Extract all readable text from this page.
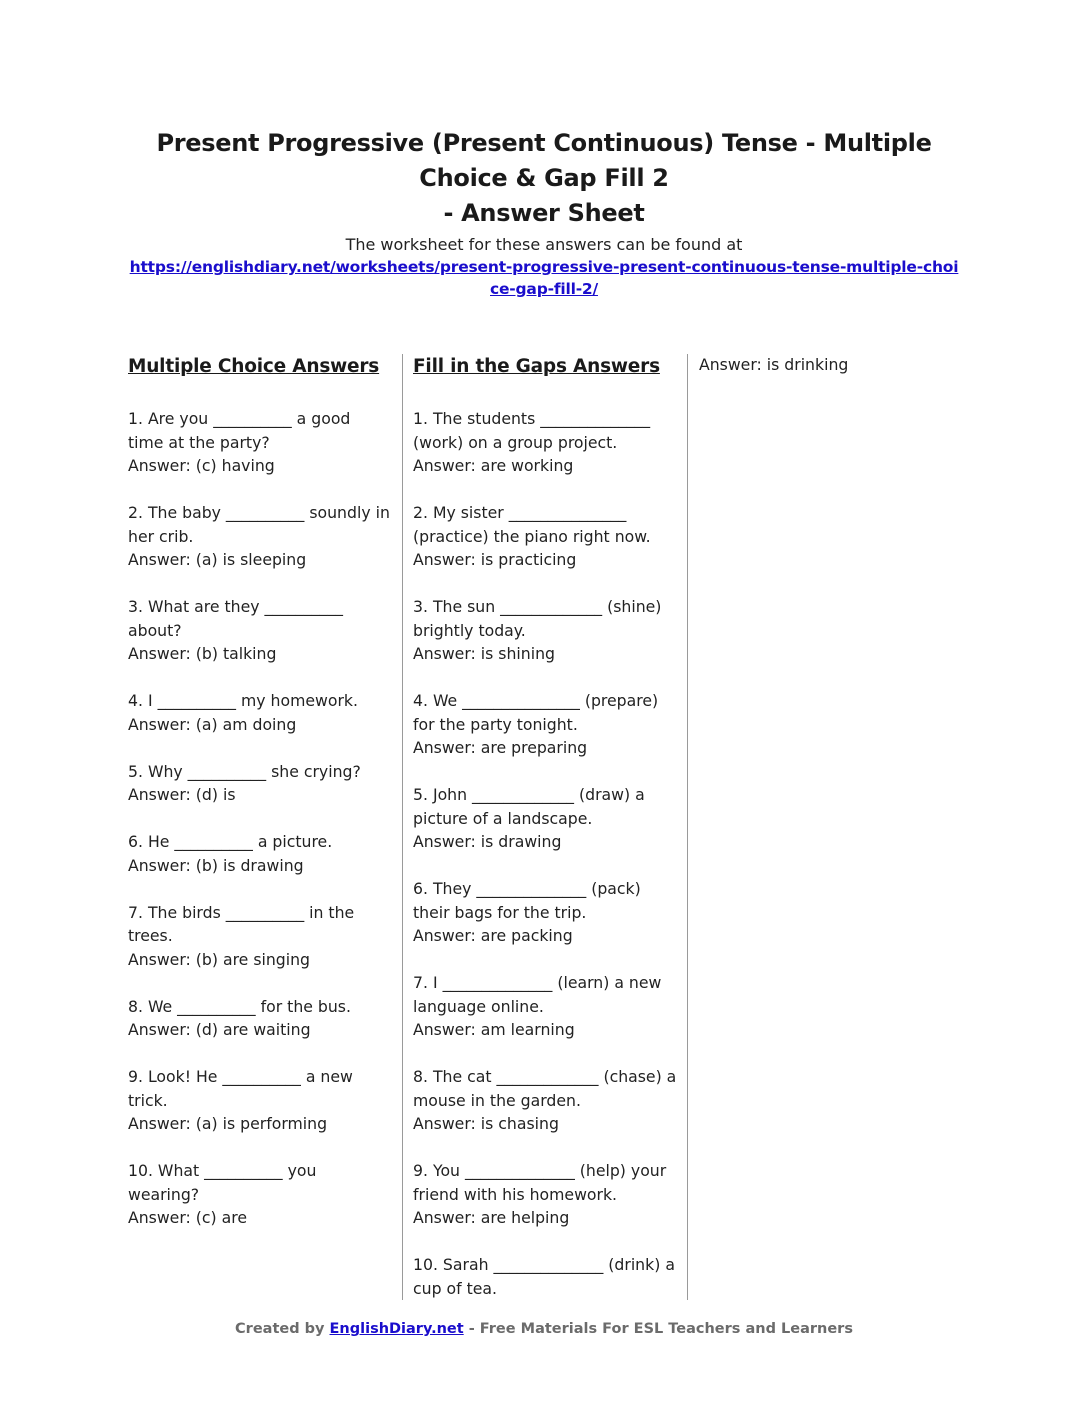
Present Progressive (Present Continuous) Tense - Multiple
Choice & Gap Fill 2
- Answer Sheet
The worksheet for these answers can be found at
https://englishdiary.net/worksheets/present-progressive-present-continuous-tense-multiple-choi
ce-gap-fill-2/
Multiple Choice Answers

1. Are you __________ a good time at the party?

Answer: (c) having

2. The baby __________ soundly in her crib.

Answer: (a) is sleeping

3. What are they __________ about?

Answer: (b) talking

4. I __________ my homework.

Answer: (a) am doing

5. Why __________ she crying?

Answer: (d) is

6. He __________ a picture.

Answer: (b) is drawing

7. The birds __________ in the trees.

Answer: (b) are singing

8. We __________ for the bus.

Answer: (d) are waiting

9. Look! He __________ a new trick.

Answer: (a) is performing

10. What __________ you wearing?

Answer: (c) are

Fill in the Gaps Answers

1. The students ______________ (work) on a group project.

Answer: are working

2. My sister _______________ (practice) the piano right now.

Answer: is practicing

3. The sun _____________ (shine) brightly today.

Answer: is shining

4. We _______________ (prepare) for the party tonight.

Answer: are preparing

5. John _____________ (draw) a picture of a landscape.

Answer: is drawing

6. They ______________ (pack) their bags for the trip.

Answer: are packing

7. I ______________ (learn) a new language online.

Answer: am learning

8. The cat _____________ (chase) a mouse in the garden.

Answer: is chasing

9. You ______________ (help) your friend with his homework.

Answer: are helping

10. Sarah ______________ (drink) a cup of tea.

Answer: is drinking

Created by EnglishDiary.net - Free Materials For ESL Teachers and Learners
